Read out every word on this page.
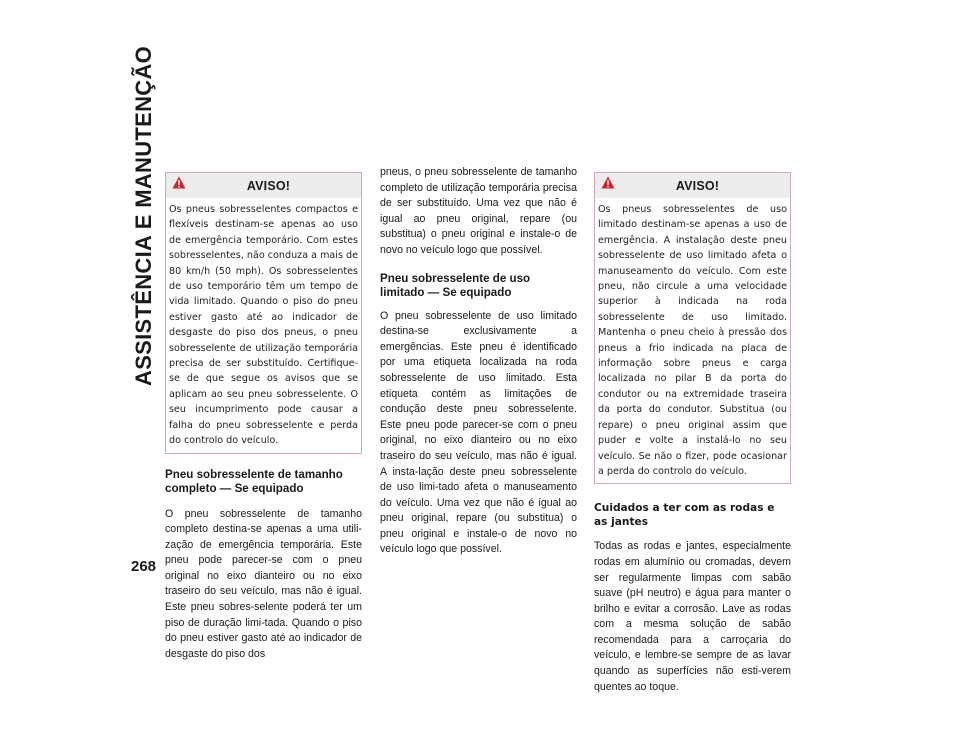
ASSISTÊNCIA E MANUTENÇÃO	AVISO!
Os pneus sobresselentes compactos e flexíveis destinam-se apenas ao uso de emergência temporário. Com estes sobresselentes, não conduza a mais de 80 km/h (50 mph). Os sobresselentes de uso temporário têm um tempo de vida limitado. Quando o piso do pneu estiver gasto até ao indicador de desgaste do piso dos pneus, o pneu sobresselente de utilização temporária precisa de ser substituído. Certifique-se de que segue os avisos que se aplicam ao seu pneu sobresselente. O seu incumprimento pode causar a falha do pneu sobresselente e perda do controlo do veículo.
Pneu sobresselente de tamanho completo — Se equipado

O pneu sobresselente de tamanho completo destina-se apenas a uma utili-zação de emergência temporária. Este pneu pode parecer-se com o pneu original no eixo dianteiro ou no eixo traseiro do seu veículo, mas não é igual. Este pneu sobres-selente poderá ter um piso de duração limi-tada. Quando o piso do pneu estiver gasto até ao indicador de desgaste do piso dos

pneus, o pneu sobresselente de tamanho completo de utilização temporária precisa de ser substituído. Uma vez que não é igual ao pneu original, repare (ou substitua) o pneu original e instale-o de novo no veículo logo que possível.

Pneu sobresselente de uso limitado — Se equipado

O pneu sobresselente de uso limitado destina-se exclusivamente a emergências. Este pneu é identificado por uma etiqueta localizada na roda sobresselente de uso limitado. Esta etiqueta contém as limitações de condução deste pneu sobresselente. Este pneu pode parecer-se com o pneu original, no eixo dianteiro ou no eixo traseiro do seu veículo, mas não é igual. A insta-lação deste pneu sobresselente de uso limi-tado afeta o manuseamento do veículo. Uma vez que não é igual ao pneu original, repare (ou substitua) o pneu original e instale-o de novo no veículo logo que possível.

AVISO!
Os pneus sobresselentes de uso limitado destinam-se apenas a uso de emergência. A instalação deste pneu sobresselente de uso limitado afeta o manuseamento do veículo. Com este pneu, não circule a uma velocidade superior à indicada na roda sobresselente de uso limitado. Mantenha o pneu cheio à pressão dos pneus a frio indicada na placa de informação sobre pneus e carga localizada no pilar B da porta do condutor ou na extremidade traseira da porta do condutor. Substitua (ou repare) o pneu original assim que puder e volte a instalá-lo no seu veículo. Se não o fizer, pode ocasionar a perda do controlo do veículo.
Cuidados a ter com as rodas e as jantes

Todas as rodas e jantes, especialmente rodas em alumínio ou cromadas, devem ser regularmente limpas com sabão suave (pH neutro) e água para manter o brilho e evitar a corrosão. Lave as rodas com a mesma solução de sabão recomendada para a carroçaria do veículo, e lembre-se sempre de as lavar quando as superfícies não esti-verem quentes ao toque.

268
